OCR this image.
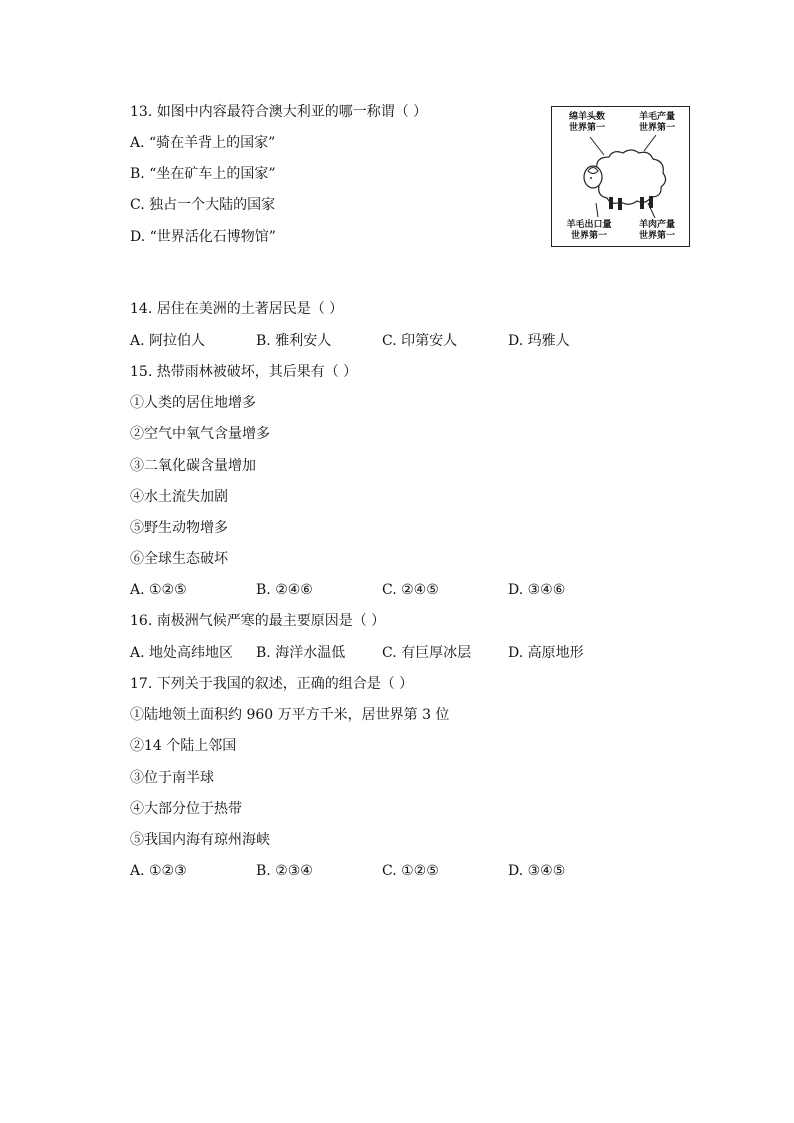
13. 如图中内容最符合澳大利亚的哪一称谓（ ）
A. “骑在羊背上的国家”
B. “坐在矿车上的国家”
C. 独占一个大陆的国家
D. “世界活化石博物馆”
绵羊头数
世界第一
羊毛产量
世界第一
羊毛出口量
世界第一
羊肉产量
世界第一
14. 居住在美洲的土著居民是（ ）
A. 阿拉伯人	B. 雅利安人	C. 印第安人	D. 玛雅人
15. 热带雨林被破坏，其后果有（ ）
①人类的居住地增多
②空气中氧气含量增多
③二氧化碳含量增加
④水土流失加剧
⑤野生动物增多
⑥全球生态破坏
A. ①②⑤	B. ②④⑥	C. ②④⑤	D. ③④⑥
16. 南极洲气候严寒的最主要原因是（ ）
A. 地处高纬地区 B. 海洋水温低	C. 有巨厚冰层	D. 高原地形
17. 下列关于我国的叙述，正确的组合是（ ）
①陆地领土面积约 960 万平方千米，居世界第 3 位
②14 个陆上邻国
③位于南半球
④大部分位于热带
⑤我国内海有琼州海峡
A. ①②③	B. ②③④	C. ①②⑤	D. ③④⑤
